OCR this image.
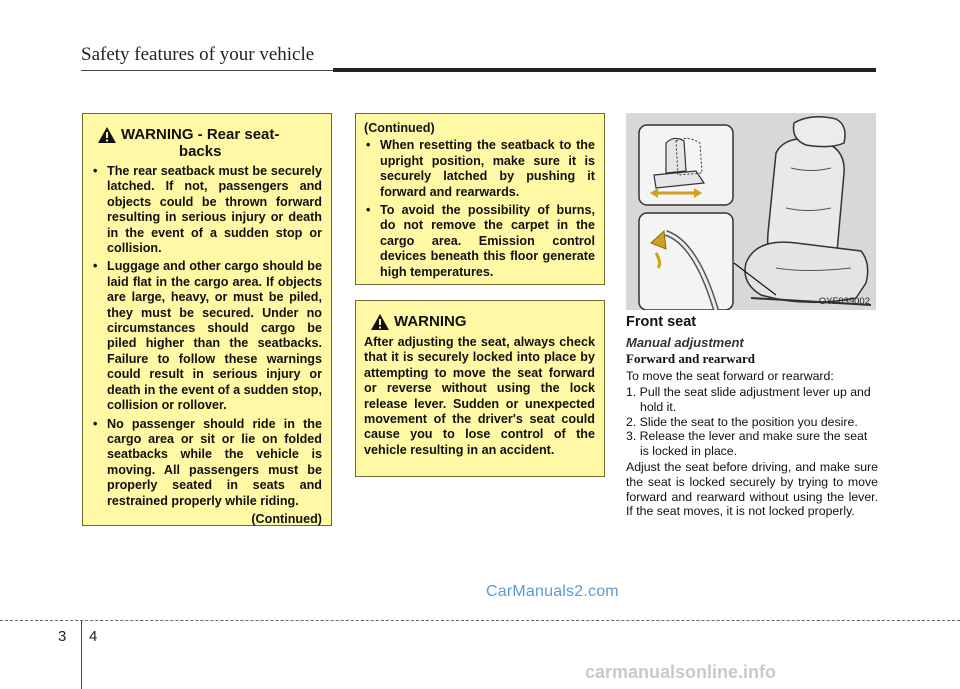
Safety features of your vehicle
WARNING - Rear seat-
backs
• The rear seatback must be securely latched. If not, passengers and objects could be thrown forward resulting in serious injury or death in the event of a sudden stop or collision.
• Luggage and other cargo should be laid flat in the cargo area. If objects are large, heavy, or must be piled, they must be secured. Under no circumstances should cargo be piled higher than the seatbacks. Failure to follow these warnings could result in serious injury or death in the event of a sudden stop, collision or rollover.
• No passenger should ride in the cargo area or sit or lie on folded seatbacks while the vehicle is moving. All passengers must be properly seated in seats and restrained properly while riding.
(Continued)
(Continued)
• When resetting the seatback to the upright position, make sure it is securely latched by pushing it forward and rearwards.
• To avoid the possibility of burns, do not remove the carpet in the cargo area. Emission control devices beneath this floor generate high temperatures.
WARNING
After adjusting the seat, always check that it is securely locked into place by attempting to move the seat forward or reverse without using the lock release lever. Sudden or unexpected movement of the driver's seat could cause you to lose control of the vehicle resulting in an accident.
OYF039002
Front seat
Manual adjustment
Forward and rearward

To move the seat forward or rearward:

1. Pull the seat slide adjustment lever up and hold it.
2. Slide the seat to the position you desire.
3. Release the lever and make sure the seat is locked in place.

Adjust the seat before driving, and make sure the seat is locked securely by trying to move forward and rearward without using the lever. If the seat moves, it is not locked properly.

CarManuals2.com
3 4
carmanualsonline.info
